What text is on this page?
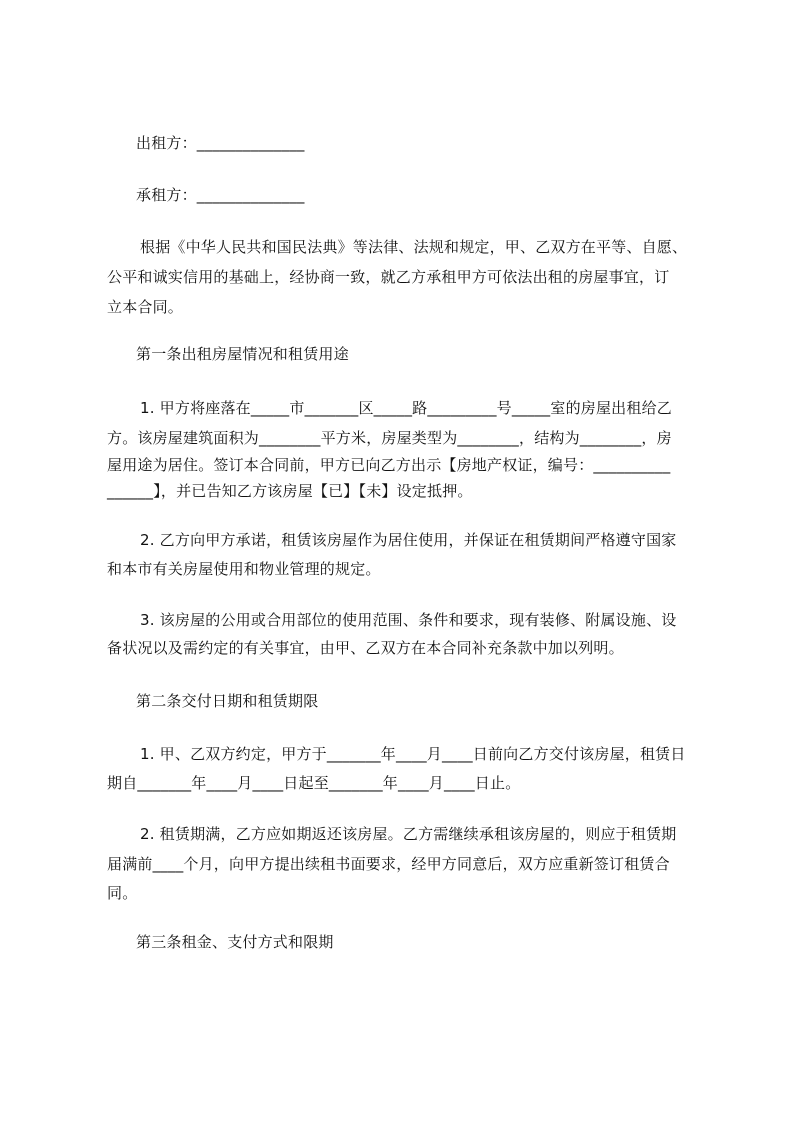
出租方：______________
承租方：______________
根据《中华人民共和国民法典》等法律、法规和规定，甲、乙双方在平等、自愿、
公平和诚实信用的基础上，经协商一致，就乙方承租甲方可依法出租的房屋事宜，订
立本合同。
第一条出租房屋情况和租赁用途
1. 甲方将座落在_____市_______区_____路_________号_____室的房屋出租给乙
方。该房屋建筑面积为________平方米，房屋类型为________，结构为________，房
屋用途为居住。签订本合同前，甲方已向乙方出示【房地产权证，编号：__________
______】，并已告知乙方该房屋【已】【未】设定抵押。
2. 乙方向甲方承诺，租赁该房屋作为居住使用，并保证在租赁期间严格遵守国家
和本市有关房屋使用和物业管理的规定。
3. 该房屋的公用或合用部位的使用范围、条件和要求，现有装修、附属设施、设
备状况以及需约定的有关事宜，由甲、乙双方在本合同补充条款中加以列明。
第二条交付日期和租赁期限
1. 甲、乙双方约定，甲方于_______年____月____日前向乙方交付该房屋，租赁日
期自_______年____月____日起至_______年____月____日止。
2. 租赁期满，乙方应如期返还该房屋。乙方需继续承租该房屋的，则应于租赁期
届满前____个月，向甲方提出续租书面要求，经甲方同意后，双方应重新签订租赁合
同。
第三条租金、支付方式和限期
